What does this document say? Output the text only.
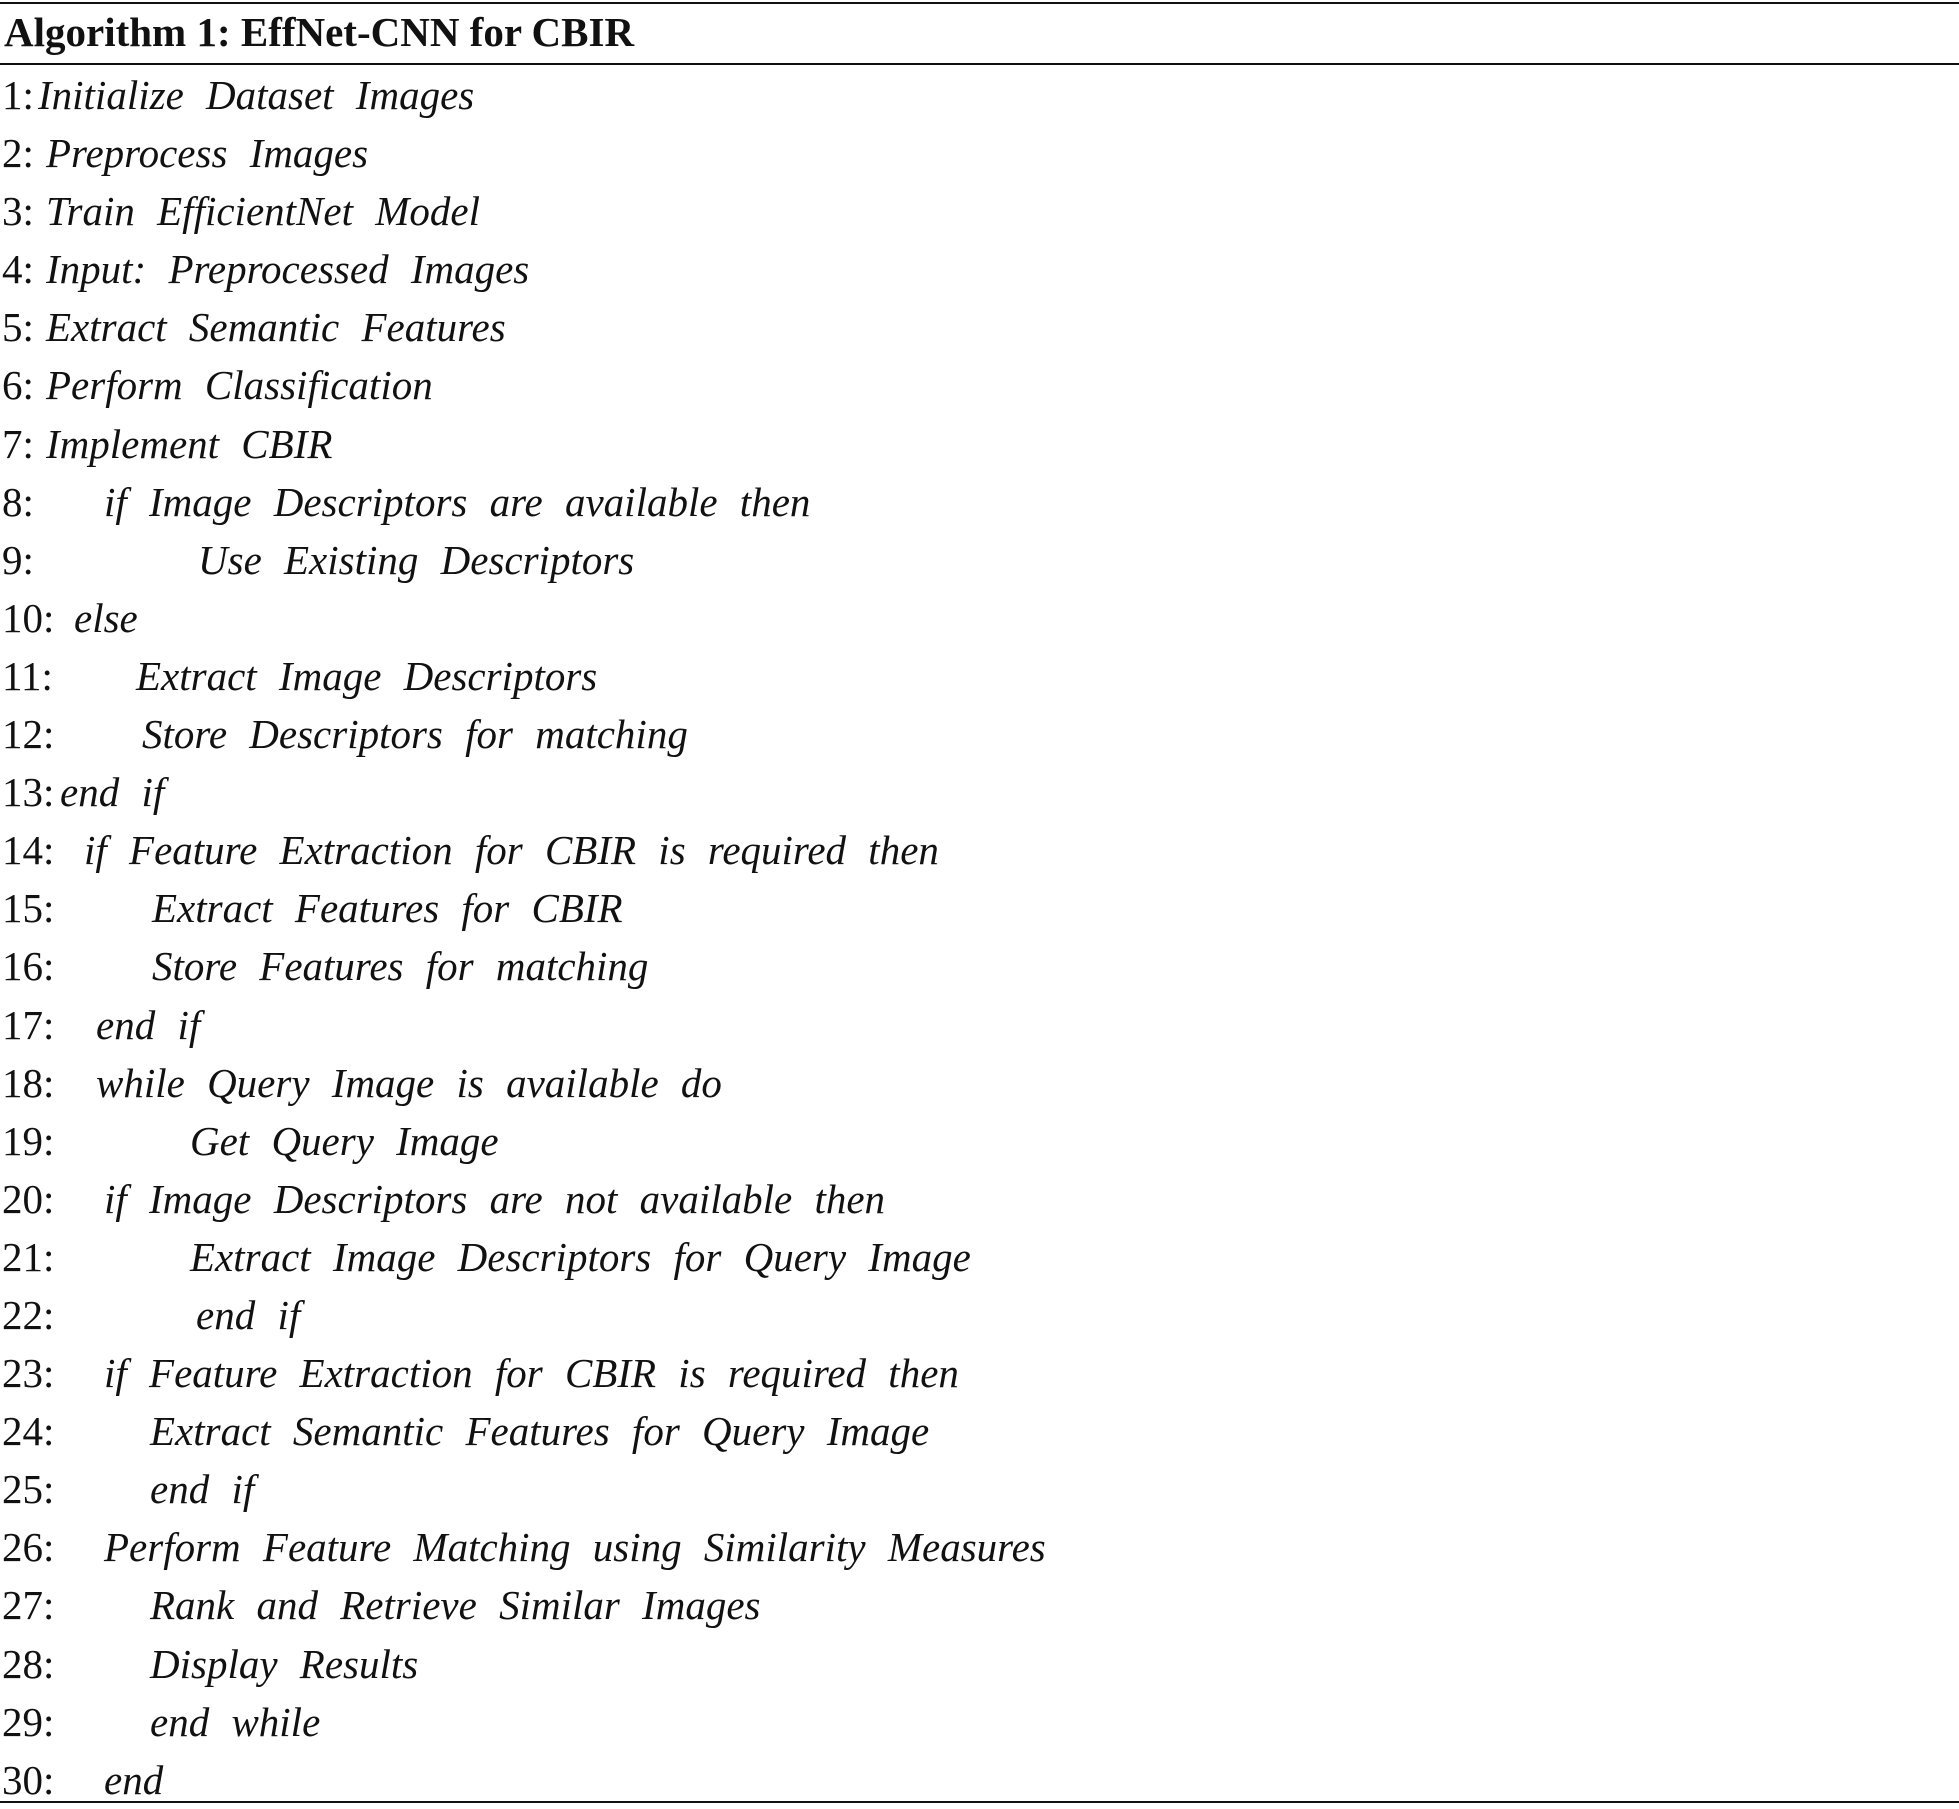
Algorithm 1: EffNet-CNN for CBIR
1: Initialize Dataset Images
2: Preprocess Images
3: Train EfficientNet Model
4: Input: Preprocessed Images
5: Extract Semantic Features
6: Perform Classification
7: Implement CBIR
8: if Image Descriptors are available then
9:	Use Existing Descriptors
10: else
11: Extract Image Descriptors
12: Store Descriptors for matching
13: end if
14: if Feature Extraction for CBIR is required then
15: Extract Features for CBIR
16: Store Features for matching
17: end if
18: while Query Image is available do
19:	Get Query Image
20: if Image Descriptors are not available then
21:	Extract Image Descriptors for Query Image
22:	end if
23: if Feature Extraction for CBIR is required then
24: Extract Semantic Features for Query Image
25: end if
26: Perform Feature Matching using Similarity Measures
27: Rank and Retrieve Similar Images
28: Display Results
29: end while
30: end
